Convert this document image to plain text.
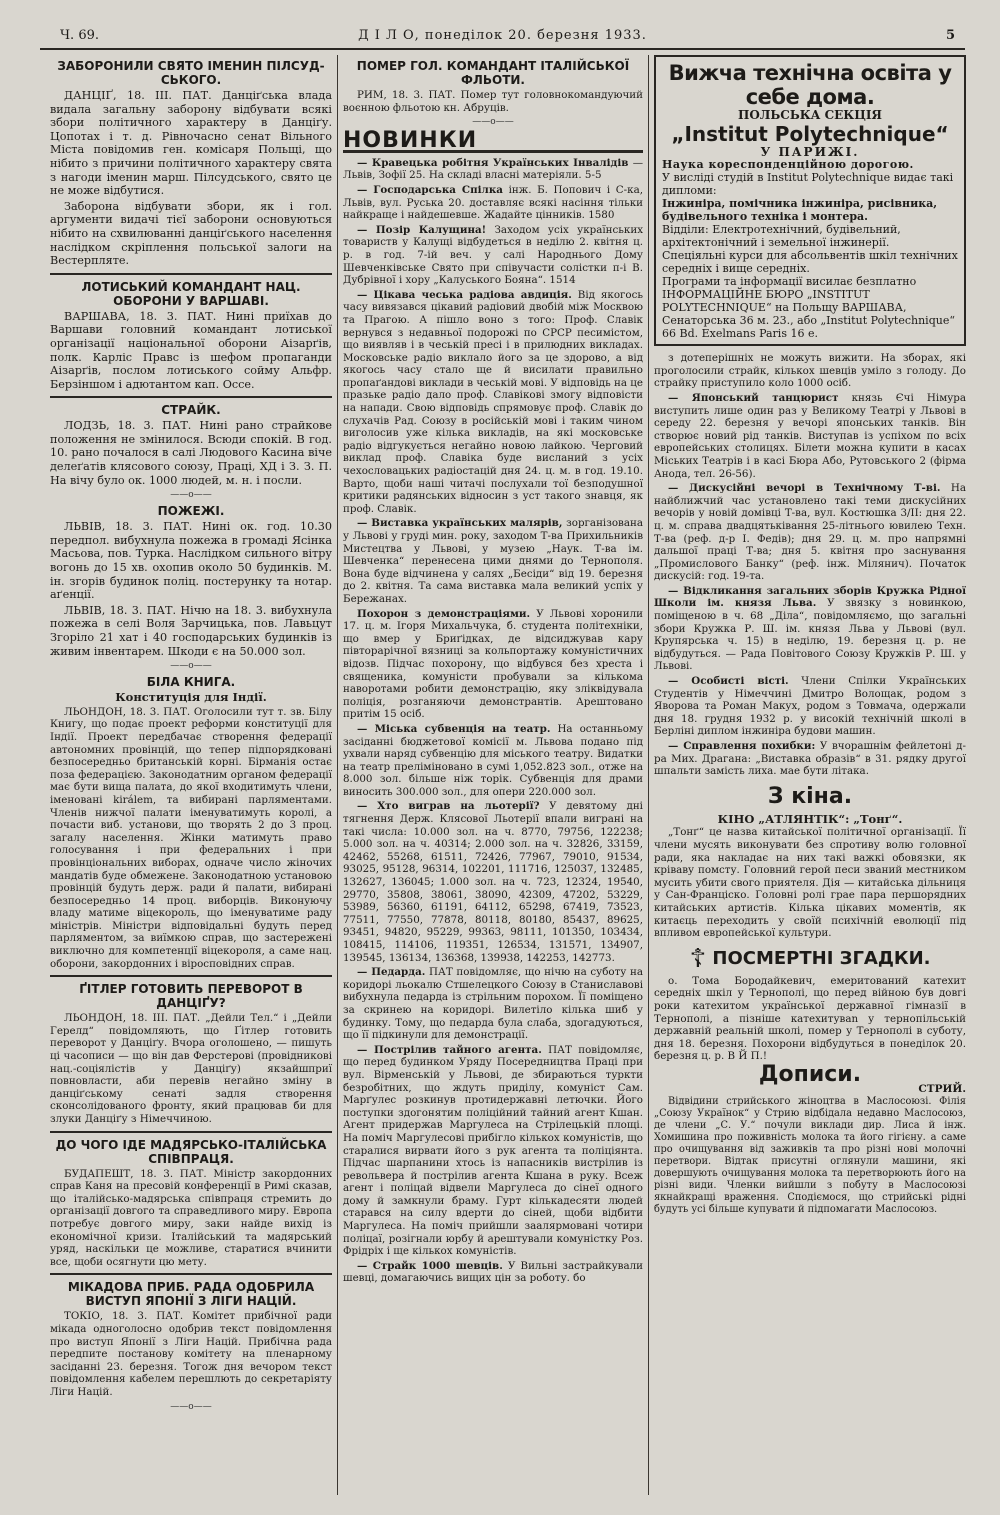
Ч. 69.	Д І Л О, понеділок 20. березня 1933.	5
ЗАБОРОНИЛИ СВЯТО ІМЕНИН ПІЛСУД-СЬКОГО.

ДАНЦІҐ, 18. III. ПАТ. Данціґська влада видала загальну заборону відбувати всякі збори політичного характеру в Данціґу. Цопотах і т. д. Рівночасно сенат Вільного Міста повідомив ген. комісаря Польщі, що нібито з причини політичного характеру свята з нагоди іменин марш. Пілсудського, свято це не може відбутися.

Заборона відбувати збори, як і гол. аргументи видачі тієї заборони основуються нібито на схвилюванні данціґського населення наслідком скріплення польської залоги на Вестерпляте.

ЛОТИСЬКИЙ КОМАНДАНТ НАЦ. ОБОРОНИ У ВАРШАВІ.

ВАРШАВА, 18. 3. ПАТ. Нині приїхав до Варшави головний командант лотиської організації національної оборони Аізарґів, полк. Карліс Правс із шефом пропаганди Аізарґів, послом лотиського сойму Альфр. Берзіншом і адютантом кап. Оссе.

СТРАЙК.

ЛОДЗЬ, 18. 3. ПАТ. Нині рано страйкове положення не змінилося. Всюди спокій. В год. 10. рано почалося в салі Людового Касина віче делеґатів клясового союзу, Праці, ХД і З. З. П. На вічу було ок. 1000 людей, м. н. і посли.

——o——
ПОЖЕЖІ.

ЛЬВІВ, 18. 3. ПАТ. Нині ок. год. 10.30 передпол. вибухнула пожежа в громаді Ясінка Масьова, пов. Турка. Наслідком сильного вітру вогонь до 15 хв. охопив около 50 будинків. М. ін. згорів будинок поліц. постерунку та нотар. аґенції.

ЛЬВІВ, 18. 3. ПАТ. Нічю на 18. 3. вибухнула пожежа в селі Воля Зарчицька, пов. Лавьцут Згоріло 21 хат і 40 господарських будинків із живим інвентарем. Шкоди є на 50.000 зол.

——o——
БІЛА КНИГА.
Конституція для Індії.

ЛЬОНДОН, 18. 3. ПАТ. Оголосили тут т. зв. Білу Книгу, що подає проект реформи конституції для Індії. Проект передбачає створення федерації автономних провінцій, що тепер підпорядковані безпосередньо британській корні. Бірманія остає поза федерацією. Законодатним органом федерації має бути вища палата, до якої входитимуть члени, іменовані királem, та вибирані парляментами. Членів нижчої палати іменуватимуть королі, а почасти виб. установи, що творять 2 до 3 проц. загалу населення. Жінки матимуть право голосування і при федеральних і при провінціональних виборах, одначе число жіночих мандатів буде обмежене. Законодатною установою провінцій будуть держ. ради й палати, вибирані безпосередньо 14 проц. виборців. Виконуючу владу матиме віцекороль, що іменуватиме раду міністрів. Міністри відповідальні будуть перед парляментом, за виїмкою справ, що застережені виключно для компетенції віцекороля, а саме нац. оборони, закордонних і віросповідних справ.

ҐІТЛЕР ГОТОВИТЬ ПЕРЕВОРОТ В ДАНЦІҐУ?

ЛЬОНДОН, 18. III. ПАТ. „Дейли Тел.“ і „Дейли Герелд“ повідомляють, що Ґітлер готовить переворот у Данціґу. Вчора оголошено, — пишуть ці часописи — що він дав Ферстерові (провідникові нац.-соціялістів у Данціґу) якзайшприї повновласти, аби перевів негайно зміну в данціґському сенаті задля створення сконсолідованого фронту, який працював би для злуки Данціґу з Німеччиною.

ДО ЧОГО ІДЕ МАДЯРСЬКО-ІТАЛІЙСЬКА СПІВПРАЦЯ.

БУДАПЕШТ, 18. 3. ПАТ. Міністр закордонних справ Каня на пресовій конференції в Римі сказав, що італійсько-мадярська співпраця стремить до організації довгого та справедливого миру. Европа потребує довгого миру, заки найде вихід із економічної кризи. Італійський та мадярський уряд, наскільки це можливе, старатися вчинити все, щоби осягнути цю мету.

МІКАДОВА ПРИБ. РАДА ОДОБРИЛА ВИСТУП ЯПОНІЇ З ЛІГИ НАЦІЙ.

ТОКІО, 18. 3. ПАТ. Комітет прибічної ради мікада одноголосно одобрив текст повідомлення про виступ Японії з Ліги Націй. Прибічна рада передпите постанову комітету на пленарному засіданні 23. березня. Тогож дня вечором текст повідомлення кабелем перешлють до секретаріяту Ліги Націй.

——o——
ПОМЕР ГОЛ. КОМАНДАНТ ІТАЛІЙСЬКОЇ ФЛЬОТИ.

РИМ, 18. 3. ПАТ. Помер тут головнокомандуючий воєнною фльотою кн. Абруців.

——o——
НОВИНКИ
— Кравецька робітня Українських Інвалідів — Львів, Зофії 25. На складі власні матеріяли. 5-5
— Господарська Спілка інж. Б. Попович і С-ка, Львів, вул. Руська 20. доставляє всякі насіння тільки найкраще і найдешевше. Жадайте цінників. 1580
— Позір Калущина! Заходом усіх українських товариств у Калущі відбудеться в неділю 2. квітня ц. р. в год. 7-ій веч. у салі Народнього Дому Шевченківське Свято при співучасти солістки п-і В. Дубрівної і хору „Калуського Бояна“. 1514
— Цікава чеська радіова авдиція. Від якогось часу вивязався цікавий радіовий двобій між Москвою та Прагою. А пішло воно з того: Проф. Славік вернувся з недавньої подорожі по СРСР песимістом, що виявляв і в чеській пресі і в прилюдних викладах. Московське радіо виклало його за це здорово, а від якогось часу стало ще й висилати правильно пропаґандові виклади в чеській мові. У відповідь на це празьке радіо дало проф. Славікові змогу відповісти на напади. Свою відповідь спрямовує проф. Славік до слухачів Рад. Союзу в російській мові і таким чином виголосив уже кілька викладів, на які московське радіо відгукується негайно новою лайкою. Черговий виклад проф. Славіка буде висланий з усіх чехословацьких радіостацій дня 24. ц. м. в год. 19.10. Варто, щоби наші читачі послухали тої безподушної критики радянських відносин з уст такого знавця, як проф. Славік.
— Виставка українських малярів, зорганізована у Львові у груді мин. року, заходом Т-ва Прихильників Мистецтва у Львові, у музею „Наук. Т-ва ім. Шевченка“ перенесена цими днями до Тернополя. Вона буде відчинена у салях „Бесіди“ від 19. березня до 2. квітня. Та сама виставка мала великий успіх у Бережанах.
Похорон з демонстраціями. У Львові хоронили 17. ц. м. Ігоря Михальчука, б. студента політехніки, що вмер у Бриґідках, де відсиджував кару півторарічної вязниці за кольпортажу комуністичних відозв. Підчас похорону, що відбувся без хреста і священика, комуністи пробували за кількома наворотами робити демонстрацію, яку зліквідувала поліція, розганяючи демонстрантів. Арештовано притім 15 осіб.
— Міська субвенція на театр. На останньому засіданні бюджетової комісії м. Львова подано під ухвали наряд субвенцію для міського театру. Видатки на театр преліміновано в сумі 1,052.823 зол., отже на 8.000 зол. більше ніж торік. Субвенція для драми виносить 300.000 зол., для опери 220.000 зол.
— Хто виграв на льотерії? У девятому дні тягнення Держ. Клясової Льотерії впали виграні на такі числа: 10.000 зол. на ч. 8770, 79756, 122238; 5.000 зол. на ч. 40314; 2.000 зол. на ч. 32826, 33159, 42462, 55268, 61511, 72426, 77967, 79010, 91534, 93025, 95128, 96314, 102201, 111716, 125037, 132485, 132627, 136045; 1.000 зол. на ч. 723, 12324, 19540, 29770, 35808, 38061, 38090, 42309, 47202, 53229, 53989, 56360, 61191, 64112, 65298, 67419, 73523, 77511, 77550, 77878, 80118, 80180, 85437, 89625, 93451, 94820, 95229, 99363, 98111, 101350, 103434, 108415, 114106, 119351, 126534, 131571, 134907, 139545, 136134, 136368, 139938, 142253, 142773.
— Педарда. ПАТ повідомляє, що нічю на суботу на коридорі льокалю Стшелецкого Союзу в Станиславові вибухнула педарда із стрільним порохом. Її поміщено за скринею на коридорі. Вилетіло кілька шиб у будинку. Тому, що педарда була слаба, здогадуються, що її підкинули для демонстрації.
— Пострілив тайного агента. ПАТ повідомляє, що перед будинком Уряду Посередництва Праці при вул. Вірменській у Львові, де збираються туркти безробітних, що ждуть приділу, комуніст Сам. Марґулес розкинув протидержавні летючки. Його поступки здогонятим поліційний тайний агент Кшан. Агент придержав Маргулеса на Стрілецькій площі. На поміч Маргулесові прибігло кількох комуністів, що старалися вирвати його з рук агента та поліціянта. Підчас шарпанини хтось із напасників вистрілив із револьвера й пострілив агента Кшана в руку. Всеж агент і поліцай відвели Маргулеса до сінeї одного дому й замкнули браму. Гурт кількадесяти людей старався на силу вдерти до сіней, щоби відбити Маргулеса. На поміч прийшли заалярмовані чотири поліцаї, розігнали юрбу й арештували комуністку Роз. Фрідріх і ще кількох комуністів.
— Страйк 1000 шевців. У Вильні застрайкували шевці, домагаючись вищих цін за роботу. бо
Вижча технічна освіта у себе дома.
ПОЛЬСЬКА СЕКЦІЯ
„Institut Polytechnique“
У ПАРИЖІ.
Наука кореспонденційною дорогою.
У висліді студій в Institut Polytechnique видає такі дипломи:
Інжиніра, помічника інжиніра, рисівника, будівельного техніка і монтера.
Відділи: Електротехнічний, будівельний, архітектонічний і земельної інжинерії.
Спеціяльні курси для абсольвентів шкіл технічних середніх і вище середніх.
Програми та інформації висилає безплатно ІНФОРМАЦІЙНЕ БЮРО „INSTITUT POLYTECHNIQUE“ на Польщу ВАРШАВА, Сенаторська 36 м. 23., або „Institut Polytechnique“ 66 Bd. Exelmans Paris 16 e.

з дотеперішніх не можуть вижити. На зборах, які проголосили страйк, кількох шевців уміло з голоду. До страйку приступило коло 1000 осіб.

— Японський танцюрист князь Єчі Німура виступить лише один раз у Великому Театрі у Львові в середу 22. березня у вечорі японських танків. Він створює новий рід танків. Виступав із успіхом по всіх европейських столицях. Білети можна купити в касах Міських Театрів і в касі Бюра Або, Рутовського 2 (фірма Анода, тел. 26-56).
— Дискусійні вечорі в Технічному Т-ві. На найближчий час установлено такі теми дискусійних вечорів у новій домівці Т-ва, вул. Костюшка 3/ІІ: дня 22. ц. м. справа двадцятьківання 25-літнього ювилею Техн. Т-ва (реф. д-р І. Федів); дня 29. ц. м. про напрямні дальшої праці Т-ва; дня 5. квітня про заснування „Промислового Банку“ (реф. інж. Мілянич). Початок дискусій: год. 19-та.
— Відкликання загальних зборів Кружка Рідної Школи ім. князя Льва. У звязку з новинкою, поміщеною в ч. 68 „Діла“, повідомляємо, що загальні збори Кружка Р. Ш. ім. князя Льва у Львові (вул. Крупярська ч. 15) в неділю, 19. березня ц. р. не відбудуться. — Рада Повітового Союзу Кружків Р. Ш. у Львові.
— Особисті вісті. Члени Спілки Українських Студентів у Німеччині Дмитро Волощак, родом з Яворова та Роман Макух, родом з Товмача, одержали дня 18. грудня 1932 р. у високій технічній школі в Берліні диплом інжиніра будови машин.
— Справлення похибки: У вчорашнім фейлетоні д-ра Мих. Драгана: „Виставка образів“ в 31. рядку другої шпальти замість лиха. мае бути літака.
З кіна.
КІНО „АТЛЯНТІК“: „Тонґ“.

„Тонґ“ це назва китайської політичної організації. Її члени мусять виконувати без спротиву волю головної ради, яка накладає на них такі важкі обовязки, як кріваву помсту. Головний герой песи званий местником мусить убити свого приятеля. Дія — китайська дільниця у Сан-Франціско. Головні ролі грае пара першорядних китайських артистів. Кілька цікавих моментів, як китаєць переходить у своїй психічній еволюції під впливом европейської культури.

☦ ПОСМЕРТНІ ЗГАДКИ.

о. Тома Бородайкевич, емеритований катехит середніх шкіл у Тернополі, що перед війною був довгі роки катехитом української державної гімназії в Тернополі, а пізніше катехитуваn у тернопільській державній реальній школі, помер у Тернополі в суботу, дня 18. березня. Похорони відбудуться в понеділок 20. березня ц. р. В Й П.!

Дописи.
СТРИЙ.

Відвідини стрийського жіноцтва в Маслосоюзі. Філія „Союзу Українок“ у Стрию відбідала недавно Маслосоюз, де члени „С. У.“ почули виклади дир. Лиса й інж. Хомишина про поживність молока та його гігієну. а саме про очищування від заживків та про різні нові молочні перетвори. Відтак присутні оглянули машини, які довершують очищування молока та перетворюють його на різні види. Членки вийшли з побуту в Маслосоюзі якнайкращі враження. Сподіємося, що стрийські рідні будуть усі більше купувати й підпомагати Маслосоюз.
